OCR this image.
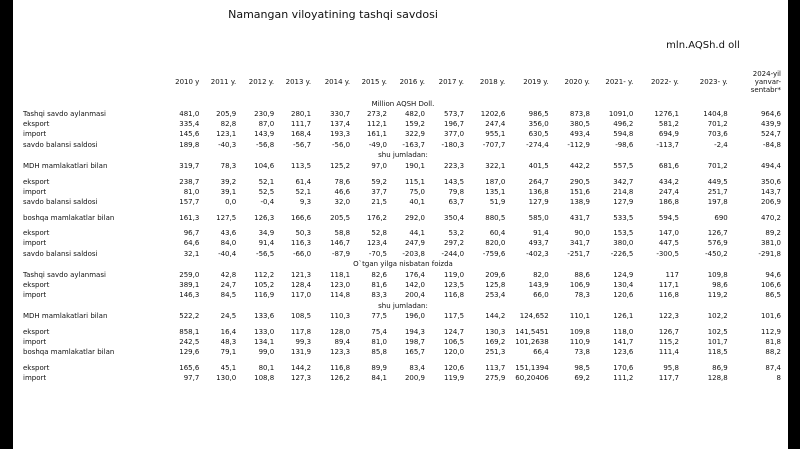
Namangan viloyatining tashqi savdosi
mln.AQSh.d oll
	2010 y	2011 y.	2012 y.	2013 y.	2014 y.	2015 y.	2016 y.	2017 y.	2018 y.	2019 y.	2020 y.	2021- y.	2022- y.	2023- y.	2024-yil yanvar-sentabr*
Million AQSH Doll.															
Tashqi savdo aylanmasi	481,0	205,9	230,9	280,1	330,7	273,2	482,0	573,7	1202,6	986,5	873,8	1091,0	1276,1	1404,8	964,6
eksport	335,4	82,8	87,0	111,7	137,4	112,1	159,2	196,7	247,4	356,0	380,5	496,2	581,2	701,2	439,9
import	145,6	123,1	143,9	168,4	193,3	161,1	322,9	377,0	955,1	630,5	493,4	594,8	694,9	703,6	524,7
savdo balansi saldosi	189,8	-40,3	-56,8	-56,7	-56,0	-49,0	-163,7	-180,3	-707,7	-274,4	-112,9	-98,6	-113,7	-2,4	-84,8
shu jumladan:															
MDH mamlakatlari bilan	319,7	78,3	104,6	113,5	125,2	97,0	190,1	223,3	322,1	401,5	442,2	557,5	681,6	701,2	494,4

eksport	238,7	39,2	52,1	61,4	78,6	59,2	115,1	143,5	187,0	264,7	290,5	342,7	434,2	449,5	350,6
import	81,0	39,1	52,5	52,1	46,6	37,7	75,0	79,8	135,1	136,8	151,6	214,8	247,4	251,7	143,7
savdo balansi saldosi	157,7	0,0	-0,4	9,3	32,0	21,5	40,1	63,7	51,9	127,9	138,9	127,9	186,8	197,8	206,9

boshqa mamlakatlar bilan	161,3	127,5	126,3	166,6	205,5	176,2	292,0	350,4	880,5	585,0	431,7	533,5	594,5	690	470,2

eksport	96,7	43,6	34,9	50,3	58,8	52,8	44,1	53,2	60,4	91,4	90,0	153,5	147,0	126,7	89,2
import	64,6	84,0	91,4	116,3	146,7	123,4	247,9	297,2	820,0	493,7	341,7	380,0	447,5	576,9	381,0
savdo balansi saldosi	32,1	-40,4	-56,5	-66,0	-87,9	-70,5	-203,8	-244,0	-759,6	-402,3	-251,7	-226,5	-300,5	-450,2	-291,8
O`tgan yilga nisbatan foizda															
Tashqi savdo aylanmasi	259,0	42,8	112,2	121,3	118,1	82,6	176,4	119,0	209,6	82,0	88,6	124,9	117	109,8	94,6
eksport	389,1	24,7	105,2	128,4	123,0	81,6	142,0	123,5	125,8	143,9	106,9	130,4	117,1	98,6	106,6
import	146,3	84,5	116,9	117,0	114,8	83,3	200,4	116,8	253,4	66,0	78,3	120,6	116,8	119,2	86,5
shu jumladan:															
MDH mamlakatlari bilan	522,2	24,5	133,6	108,5	110,3	77,5	196,0	117,5	144,2	124,652	110,1	126,1	122,3	102,2	101,6

eksport	858,1	16,4	133,0	117,8	128,0	75,4	194,3	124,7	130,3	141,5451	109,8	118,0	126,7	102,5	112,9
import	242,5	48,3	134,1	99,3	89,4	81,0	198,7	106,5	169,2	101,2638	110,9	141,7	115,2	101,7	81,8
boshqa mamlakatlar bilan	129,6	79,1	99,0	131,9	123,3	85,8	165,7	120,0	251,3	66,4	73,8	123,6	111,4	118,5	88,2

eksport	165,6	45,1	80,1	144,2	116,8	89,9	83,4	120,6	113,7	151,1394	98,5	170,6	95,8	86,9	87,4
import	97,7	130,0	108,8	127,3	126,2	84,1	200,9	119,9	275,9	60,20406	69,2	111,2	117,7	128,8	8
